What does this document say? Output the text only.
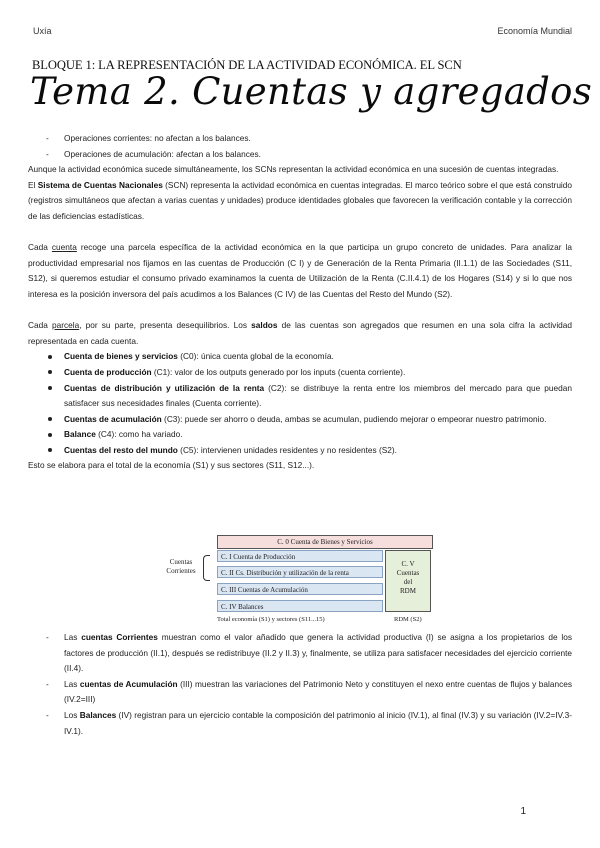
Uxía	Economía Mundial
BLOQUE 1: LA REPRESENTACIÓN DE LA ACTIVIDAD ECONÓMICA. EL SCN
Tema 2. Cuentas y agregados
- Operaciones corrientes: no afectan a los balances.
- Operaciones de acumulación: afectan a los balances.

Aunque la actividad económica sucede simultáneamente, los SCNs representan la actividad económica en una sucesión de cuentas integradas.

El Sistema de Cuentas Nacionales (SCN) representa la actividad económica en cuentas integradas. El marco teórico sobre el que está construido (registros simultáneos que afectan a varias cuentas y unidades) produce identidades globales que favorecen la verificación contable y la corrección de las deficiencias estadísticas.

Cada cuenta recoge una parcela específica de la actividad económica en la que participa un grupo concreto de unidades. Para analizar la productividad empresarial nos fijamos en las cuentas de Producción (C I) y de Generación de la Renta Primaria (II.1.1) de las Sociedades (S11, S12), si queremos estudiar el consumo privado examinamos la cuenta de Utilización de la Renta (C.II.4.1) de los Hogares (S14) y si lo que nos interesa es la posición inversora del país acudimos a los Balances (C IV) de las Cuentas del Resto del Mundo (S2).

Cada parcela, por su parte, presenta desequilibrios. Los saldos de las cuentas son agregados que resumen en una sola cifra la actividad representada en cada cuenta.

Cuenta de bienes y servicios (C0): única cuenta global de la economía.
Cuenta de producción (C1): valor de los outputs generado por los inputs (cuenta corriente).
Cuentas de distribución y utilización de la renta (C2): se distribuye la renta entre los miembros del mercado para que puedan satisfacer sus necesidades finales (Cuenta corriente).
Cuentas de acumulación (C3): puede ser ahorro o deuda, ambas se acumulan, pudiendo mejorar o empeorar nuestro patrimonio.
Balance (C4): como ha variado.
Cuentas del resto del mundo (C5): intervienen unidades residentes y no residentes (S2).

Esto se elabora para el total de la economía (S1) y sus sectores (S11, S12...).

Cuentas
Corrientes
C. 0 Cuenta de Bienes y Servicios
C. I Cuenta de Producción
C. II Cs. Distribución y utilización de la renta
C. III Cuentas de Acumulación
C. IV Balances
C. V
Cuentas
del
RDM
Total economía (S1) y sectores (S11...15)	RDM (S2)
- Las cuentas Corrientes muestran como el valor añadido que genera la actividad productiva (I) se asigna a los propietarios de los factores de producción (II.1), después se redistribuye (II.2 y II.3) y, finalmente, se utiliza para satisfacer necesidades del ejercicio corriente (II.4).
- Las cuentas de Acumulación (III) muestran las variaciones del Patrimonio Neto y constituyen el nexo entre cuentas de flujos y balances (IV.2=III)
- Los Balances (IV) registran para un ejercicio contable la composición del patrimonio al inicio (IV.1), al final (IV.3) y su variación (IV.2=IV.3-IV.1).
1
